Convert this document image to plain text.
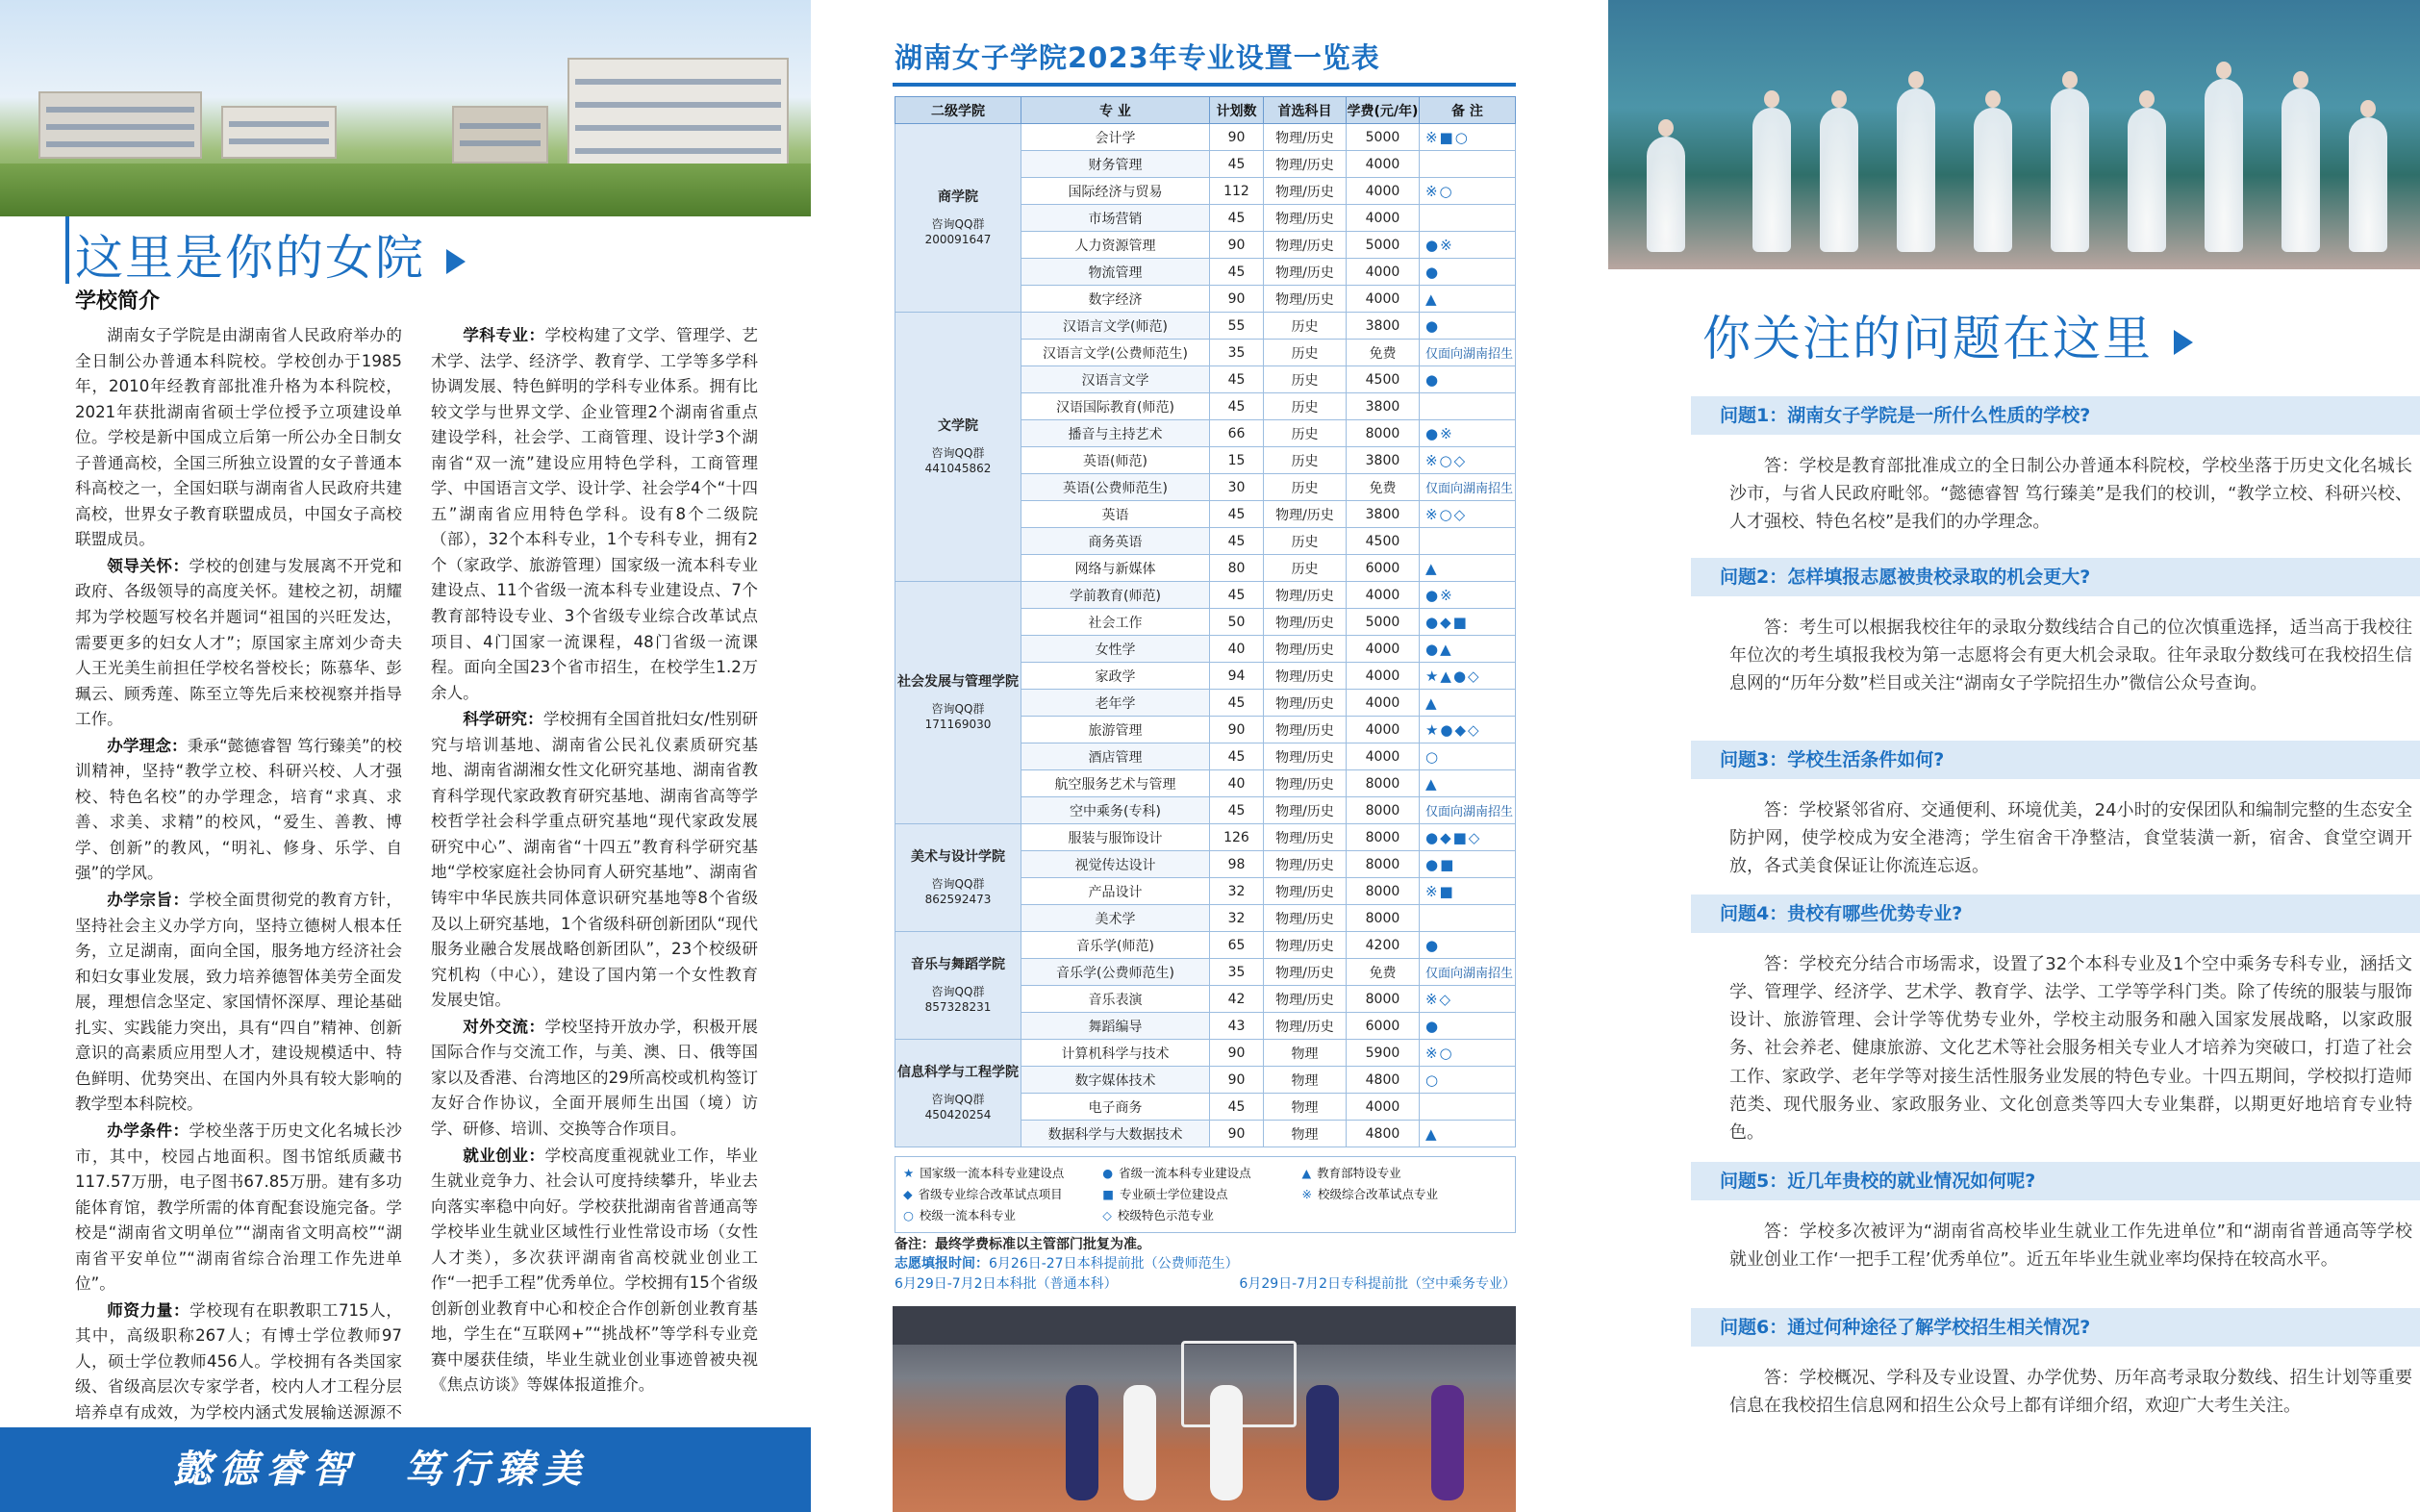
这里是你的女院
学校简介

湖南女子学院是由湖南省人民政府举办的全日制公办普通本科院校。学校创办于1985年，2010年经教育部批准升格为本科院校，2021年获批湖南省硕士学位授予立项建设单位。学校是新中国成立后第一所公办全日制女子普通高校，全国三所独立设置的女子普通本科高校之一，全国妇联与湖南省人民政府共建高校，世界女子教育联盟成员，中国女子高校联盟成员。

领导关怀：学校的创建与发展离不开党和政府、各级领导的高度关怀。建校之初，胡耀邦为学校题写校名并题词“祖国的兴旺发达，需要更多的妇女人才”；原国家主席刘少奇夫人王光美生前担任学校名誉校长；陈慕华、彭珮云、顾秀莲、陈至立等先后来校视察并指导工作。

办学理念：秉承“懿德睿智 笃行臻美”的校训精神，坚持“教学立校、科研兴校、人才强校、特色名校”的办学理念，培育“求真、求善、求美、求精”的校风，“爱生、善教、博学、创新”的教风，“明礼、修身、乐学、自强”的学风。

办学宗旨：学校全面贯彻党的教育方针，坚持社会主义办学方向，坚持立德树人根本任务，立足湖南，面向全国，服务地方经济社会和妇女事业发展，致力培养德智体美劳全面发展，理想信念坚定、家国情怀深厚、理论基础扎实、实践能力突出，具有“四自”精神、创新意识的高素质应用型人才，建设规模适中、特色鲜明、优势突出、在国内外具有较大影响的教学型本科院校。

办学条件：学校坐落于历史文化名城长沙市，其中，校园占地面积。图书馆纸质藏书117.57万册，电子图书67.85万册。建有多功能体育馆，教学所需的体育配套设施完备。学校是“湖南省文明单位”“湖南省文明高校”“湖南省平安单位”“湖南省综合治理工作先进单位”。

师资力量：学校现有在职教职工715人，其中，高级职称267人；有博士学位教师97人，硕士学位教师456人。学校拥有各类国家级、省级高层次专家学者，校内人才工程分层培养卓有成效，为学校内涵式发展输送源源不

学科专业：学校构建了文学、管理学、艺术学、法学、经济学、教育学、工学等多学科协调发展、特色鲜明的学科专业体系。拥有比较文学与世界文学、企业管理2个湖南省重点建设学科，社会学、工商管理、设计学3个湖南省“双一流”建设应用特色学科，工商管理学、中国语言文学、设计学、社会学4个“十四五”湖南省应用特色学科。设有8个二级院（部），32个本科专业，1个专科专业，拥有2个（家政学、旅游管理）国家级一流本科专业建设点、11个省级一流本科专业建设点、7个教育部特设专业、3个省级专业综合改革试点项目、4门国家一流课程，48门省级一流课程。面向全国23个省市招生，在校学生1.2万余人。

科学研究：学校拥有全国首批妇女/性别研究与培训基地、湖南省公民礼仪素质研究基地、湖南省湖湘女性文化研究基地、湖南省教育科学现代家政教育研究基地、湖南省高等学校哲学社会科学重点研究基地“现代家政发展研究中心”、湖南省“十四五”教育科学研究基地“学校家庭社会协同育人研究基地”、湖南省铸牢中华民族共同体意识研究基地等8个省级及以上研究基地，1个省级科研创新团队“现代服务业融合发展战略创新团队”，23个校级研究机构（中心），建设了国内第一个女性教育发展史馆。

对外交流：学校坚持开放办学，积极开展国际合作与交流工作，与美、澳、日、俄等国家以及香港、台湾地区的29所高校或机构签订友好合作协议，全面开展师生出国（境）访学、研修、培训、交换等合作项目。

就业创业：学校高度重视就业工作，毕业生就业竞争力、社会认可度持续攀升，毕业去向落实率稳中向好。学校获批湖南省普通高等学校毕业生就业区域性行业性常设市场（女性人才类），多次获评湖南省高校就业创业工作“一把手工程”优秀单位。学校拥有15个省级创新创业教育中心和校企合作创新创业教育基地，学生在“互联网+”“挑战杯”等学科专业竞赛中屡获佳绩，毕业生就业创业事迹曾被央视《焦点访谈》等媒体报道推介。

懿德睿智　笃行臻美
湖南女子学院2023年专业设置一览表
二级学院	专 业	计划数	首选科目	学费(元/年)	备 注

商学院
咨询QQ群
200091647	会计学	90	物理/历史	5000	※■○
	财务管理	45	物理/历史	4000	
	国际经济与贸易	112	物理/历史	4000	※○
	市场营销	45	物理/历史	4000	
	人力资源管理	90	物理/历史	5000	●※
	物流管理	45	物理/历史	4000	●
	数字经济	90	物理/历史	4000	▲

文学院
咨询QQ群
441045862	汉语言文学(师范)	55	历史	3800	●
	汉语言文学(公费师范生)	35	历史	免费	仅面向湖南招生
	汉语言文学	45	历史	4500	●
	汉语国际教育(师范)	45	历史	3800	
	播音与主持艺术	66	历史	8000	●※
	英语(师范)	15	历史	3800	※○◇
	英语(公费师范生)	30	历史	免费	仅面向湖南招生
	英语	45	物理/历史	3800	※○◇
	商务英语	45	历史	4500	
	网络与新媒体	80	历史	6000	▲

社会发展与管理学院
咨询QQ群
171169030	学前教育(师范)	45	物理/历史	4000	●※
	社会工作	50	物理/历史	5000	●◆■
	女性学	40	物理/历史	4000	●▲
	家政学	94	物理/历史	4000	★▲●◇
	老年学	45	物理/历史	4000	▲
	旅游管理	90	物理/历史	4000	★●◆◇
	酒店管理	45	物理/历史	4000	○
	航空服务艺术与管理	40	物理/历史	8000	▲
	空中乘务(专科)	45	物理/历史	8000	仅面向湖南招生

美术与设计学院
咨询QQ群
862592473	服装与服饰设计	126	物理/历史	8000	●◆■◇
	视觉传达设计	98	物理/历史	8000	●■
	产品设计	32	物理/历史	8000	※■
	美术学	32	物理/历史	8000	

音乐与舞蹈学院
咨询QQ群
857328231	音乐学(师范)	65	物理/历史	4200	●
	音乐学(公费师范生)	35	物理/历史	免费	仅面向湖南招生
	音乐表演	42	物理/历史	8000	※◇
	舞蹈编导	43	物理/历史	6000	●

信息科学与工程学院
咨询QQ群
450420254	计算机科学与技术	90	物理	5900	※○
	数字媒体技术	90	物理	4800	○
	电子商务	45	物理	4000	
	数据科学与大数据技术	90	物理	4800	▲
★ 国家级一流本科专业建设点	● 省级一流本科专业建设点	▲ 教育部特设专业◆ 省级专业综合改革试点项目	■ 专业硕士学位建设点	※ 校级综合改革试点专业○ 校级一流本科专业	◇ 校级特色示范专业
备注：最终学费标准以主管部门批复为准。
志愿填报时间：6月26日-27日本科提前批（公费师范生）
6月29日-7月2日本科批（普通本科）	6月29日-7月2日专科提前批（空中乘务专业）
你关注的问题在这里
问题1：湖南女子学院是一所什么性质的学校?
答：学校是教育部批准成立的全日制公办普通本科院校，学校坐落于历史文化名城长沙市，与省人民政府毗邻。“懿德睿智 笃行臻美”是我们的校训，“教学立校、科研兴校、人才强校、特色名校”是我们的办学理念。
问题2：怎样填报志愿被贵校录取的机会更大?
答：考生可以根据我校往年的录取分数线结合自己的位次慎重选择，适当高于我校往年位次的考生填报我校为第一志愿将会有更大机会录取。往年录取分数线可在我校招生信息网的“历年分数”栏目或关注“湖南女子学院招生办”微信公众号查询。
问题3：学校生活条件如何?
答：学校紧邻省府、交通便利、环境优美，24小时的安保团队和编制完整的生态安全防护网，使学校成为安全港湾；学生宿舍干净整洁，食堂装潢一新，宿舍、食堂空调开放，各式美食保证让你流连忘返。
问题4：贵校有哪些优势专业?
答：学校充分结合市场需求，设置了32个本科专业及1个空中乘务专科专业，涵括文学、管理学、经济学、艺术学、教育学、法学、工学等学科门类。除了传统的服装与服饰设计、旅游管理、会计学等优势专业外，学校主动服务和融入国家发展战略，以家政服务、社会养老、健康旅游、文化艺术等社会服务相关专业人才培养为突破口，打造了社会工作、家政学、老年学等对接生活性服务业发展的特色专业。十四五期间，学校拟打造师范类、现代服务业、家政服务业、文化创意类等四大专业集群，以期更好地培育专业特色。
问题5：近几年贵校的就业情况如何呢?
答：学校多次被评为“湖南省高校毕业生就业工作先进单位”和“湖南省普通高等学校就业创业工作‘一把手工程’优秀单位”。近五年毕业生就业率均保持在较高水平。
问题6：通过何种途径了解学校招生相关情况?
答：学校概况、学科及专业设置、办学优势、历年高考录取分数线、招生计划等重要信息在我校招生信息网和招生公众号上都有详细介绍，欢迎广大考生关注。
